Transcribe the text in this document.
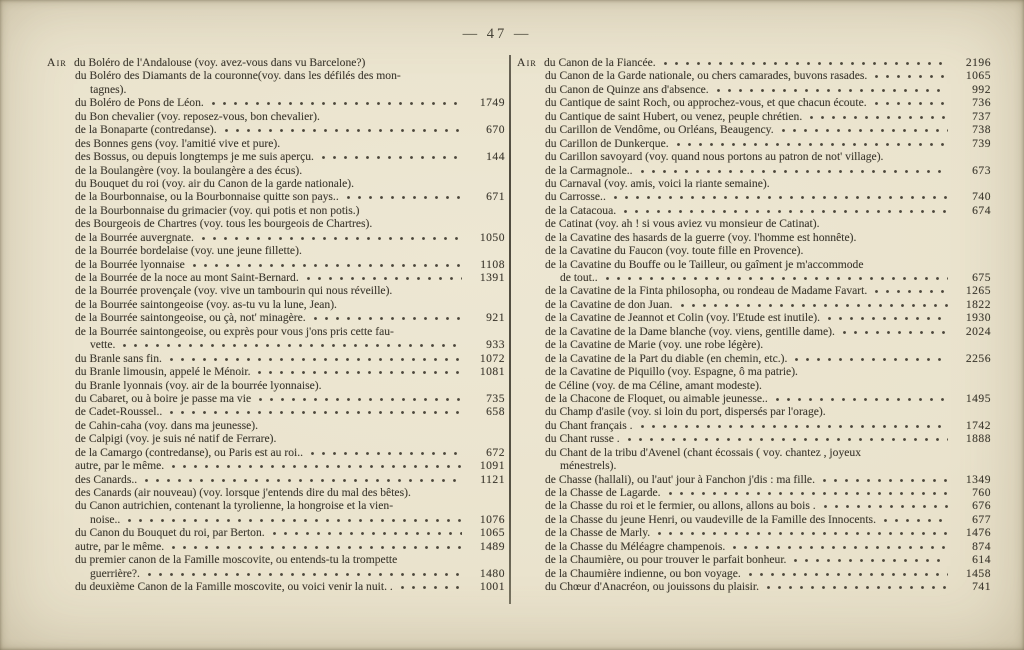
— 47 —
Air du Boléro de l'Andalouse (voy. avez-vous dans vu Barcelone?)
du Boléro des Diamants de la couronne(voy. dans les défilés des mon-
tagnes).
du Boléro de Pons de Léon.	1749
du Bon chevalier (voy. reposez-vous, bon chevalier).
de la Bonaparte (contredanse).	670
des Bonnes gens (voy. l'amitié vive et pure).
des Bossus, ou depuis longtemps je me suis aperçu.	144
de la Boulangère (voy. la boulangère a des écus).
du Bouquet du roi (voy. air du Canon de la garde nationale).
de la Bourbonnaise, ou la Bourbonnaise quitte son pays..	671
de la Bourbonnaise du grimacier (voy. qui potis et non potis.)
des Bourgeois de Chartres (voy. tous les bourgeois de Chartres).
de la Bourrée auvergnate.	1050
de la Bourrée bordelaise (voy. une jeune fillette).
de la Bourrée lyonnaise	1108
de la Bourrée de la noce au mont Saint-Bernard.	1391
de la Bourrée provençale (voy. vive un tambourin qui nous réveille).
de la Bourrée saintongeoise (voy. as-tu vu la lune, Jean).
de la Bourrée saintongeoise, ou çà, not' minagère.	921
de la Bourrée saintongeoise, ou exprès pour vous j'ons pris cette fau-
vette.	933
du Branle sans fin.	1072
du Branle limousin, appelé le Ménoir.	1081
du Branle lyonnais (voy. air de la bourrée lyonnaise).
du Cabaret, ou à boire je passe ma vie	735
de Cadet-Roussel..	658
de Cahin-caha (voy. dans ma jeunesse).
de Calpigi (voy. je suis né natif de Ferrare).
de la Camargo (contredanse), ou Paris est au roi..	672
autre, par le même.	1091
des Canards..	1121
des Canards (air nouveau) (voy. lorsque j'entends dire du mal des bêtes).
du Canon autrichien, contenant la tyrolienne, la hongroise et la vien-
noise..	1076
du Canon du Bouquet du roi, par Berton.	1065
autre, par le même.	1489
du premier canon de la Famille moscovite, ou entends-tu la trompette
guerrière?.	1480
du deuxième Canon de la Famille moscovite, ou voici venir la nuit. .	1001
Air du Canon de la Fiancée.	2196
du Canon de la Garde nationale, ou chers camarades, buvons rasades.	1065
du Canon de Quinze ans d'absence.	992
du Cantique de saint Roch, ou approchez-vous, et que chacun écoute.	736
du Cantique de saint Hubert, ou venez, peuple chrétien.	737
du Carillon de Vendôme, ou Orléans, Beaugency.	738
du Carillon de Dunkerque.	739
du Carillon savoyard (voy. quand nous portons au patron de not' village).
de la Carmagnole..	673
du Carnaval (voy. amis, voici la riante semaine).
du Carrosse..	740
de la Catacoua.	674
de Catinat (voy. ah ! si vous aviez vu monsieur de Catinat).
de la Cavatine des hasards de la guerre (voy. l'homme est honnête).
de la Cavatine du Faucon (voy. toute fille en Provence).
de la Cavatine du Bouffe ou le Tailleur, ou gaîment je m'accommode
de tout..	675
de la Cavatine de la Finta philosopha, ou rondeau de Madame Favart.	1265
de la Cavatine de don Juan.	1822
de la Cavatine de Jeannot et Colin (voy. l'Etude est inutile).	1930
de la Cavatine de la Dame blanche (voy. viens, gentille dame).	2024
de la Cavatine de Marie (voy. une robe légère).
de la Cavatine de la Part du diable (en chemin, etc.).	2256
de la Cavatine de Piquillo (voy. Espagne, ô ma patrie).
de Céline (voy. de ma Céline, amant modeste).
de la Chacone de Floquet, ou aimable jeunesse..	1495
du Champ d'asile (voy. si loin du port, dispersés par l'orage).
du Chant français .	1742
du Chant russe .	1888
du Chant de la tribu d'Avenel (chant écossais ( voy. chantez , joyeux
ménestrels).
de Chasse (hallali), ou l'aut' jour à Fanchon j'dis : ma fille.	1349
de la Chasse de Lagarde.	760
de la Chasse du roi et le fermier, ou allons, allons au bois .	676
de la Chasse du jeune Henri, ou vaudeville de la Famille des Innocents.	677
de la Chasse de Marly.	1476
de la Chasse du Méléagre champenois.	874
de la Chaumière, ou pour trouver le parfait bonheur.	614
de la Chaumière indienne, ou bon voyage.	1458
du Chœur d'Anacréon, ou jouissons du plaisir.	741
